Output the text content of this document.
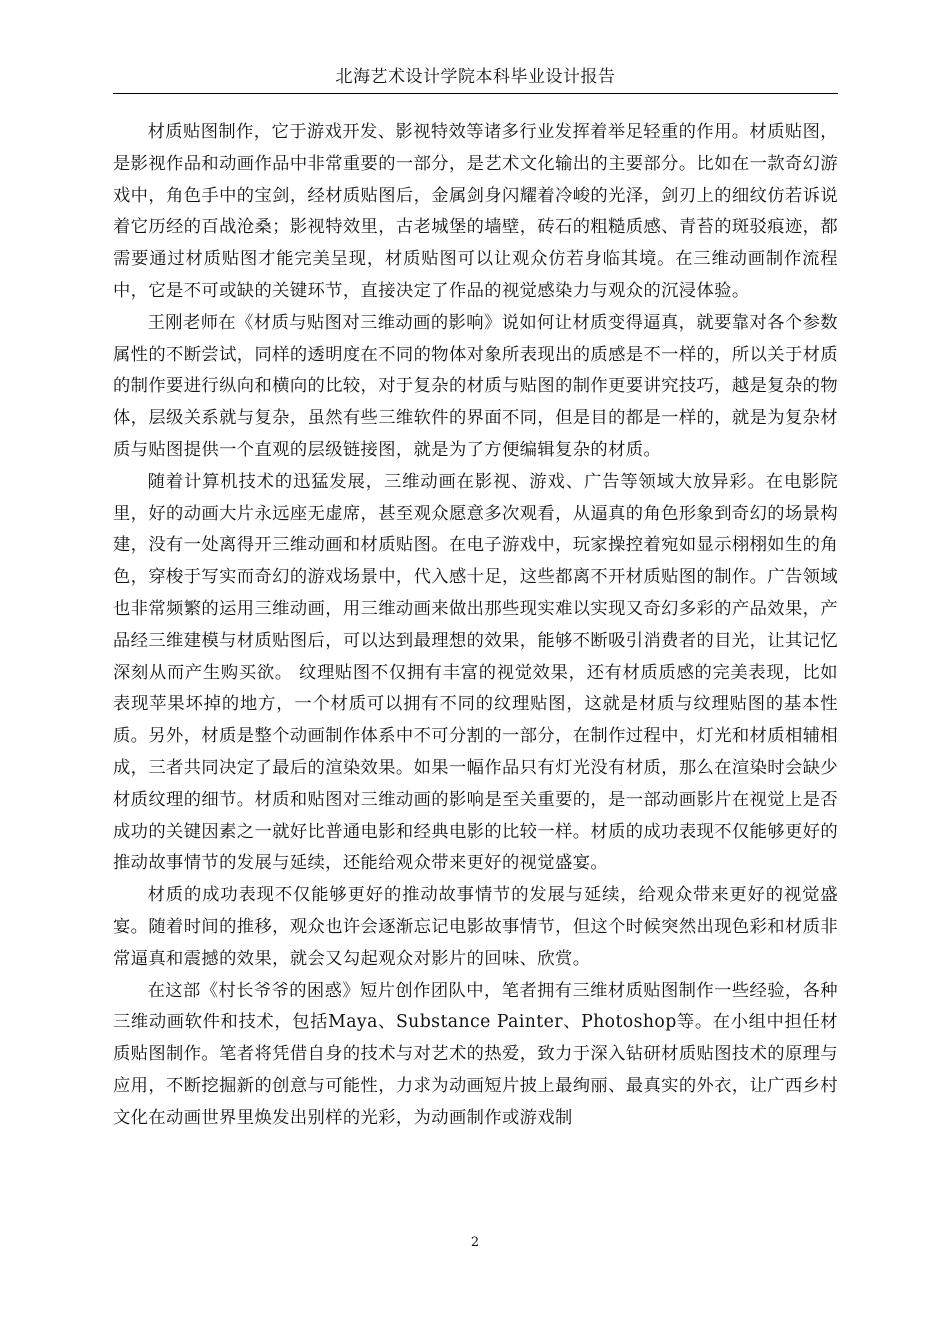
北海艺术设计学院本科毕业设计报告

材质贴图制作，它于游戏开发、影视特效等诸多行业发挥着举足轻重的作用。材质贴图，是影视作品和动画作品中非常重要的一部分，是艺术文化输出的主要部分。比如在一款奇幻游戏中，角色手中的宝剑，经材质贴图后，金属剑身闪耀着冷峻的光泽，剑刃上的细纹仿若诉说着它历经的百战沧桑；影视特效里，古老城堡的墙壁，砖石的粗糙质感、青苔的斑驳痕迹，都需要通过材质贴图才能完美呈现，材质贴图可以让观众仿若身临其境。在三维动画制作流程中，它是不可或缺的关键环节，直接决定了作品的视觉感染力与观众的沉浸体验。

王刚老师在《材质与贴图对三维动画的影响》说如何让材质变得逼真，就要靠对各个参数属性的不断尝试，同样的透明度在不同的物体对象所表现出的质感是不一样的，所以关于材质的制作要进行纵向和横向的比较，对于复杂的材质与贴图的制作更要讲究技巧，越是复杂的物体，层级关系就与复杂，虽然有些三维软件的界面不同，但是目的都是一样的，就是为复杂材质与贴图提供一个直观的层级链接图，就是为了方便编辑复杂的材质。

随着计算机技术的迅猛发展，三维动画在影视、游戏、广告等领域大放异彩。在电影院里，好的动画大片永远座无虚席，甚至观众愿意多次观看，从逼真的角色形象到奇幻的场景构建，没有一处离得开三维动画和材质贴图。在电子游戏中，玩家操控着宛如显示栩栩如生的角色，穿梭于写实而奇幻的游戏场景中，代入感十足，这些都离不开材质贴图的制作。广告领域也非常频繁的运用三维动画，用三维动画来做出那些现实难以实现又奇幻多彩的产品效果，产品经三维建模与材质贴图后，可以达到最理想的效果，能够不断吸引消费者的目光，让其记忆深刻从而产生购买欲。 纹理贴图不仅拥有丰富的视觉效果，还有材质质感的完美表现，比如表现苹果坏掉的地方，一个材质可以拥有不同的纹理贴图，这就是材质与纹理贴图的基本性质。另外，材质是整个动画制作体系中不可分割的一部分，在制作过程中，灯光和材质相辅相成，三者共同决定了最后的渲染效果。如果一幅作品只有灯光没有材质，那么在渲染时会缺少材质纹理的细节。材质和贴图对三维动画的影响是至关重要的，是一部动画影片在视觉上是否成功的关键因素之一就好比普通电影和经典电影的比较一样。材质的成功表现不仅能够更好的推动故事情节的发展与延续，还能给观众带来更好的视觉盛宴。

材质的成功表现不仅能够更好的推动故事情节的发展与延续，给观众带来更好的视觉盛宴。随着时间的推移，观众也许会逐渐忘记电影故事情节，但这个时候突然出现色彩和材质非常逼真和震撼的效果，就会又勾起观众对影片的回味、欣赏。

在这部《村长爷爷的困惑》短片创作团队中，笔者拥有三维材质贴图制作一些经验，各种三维动画软件和技术，包括Maya、Substance Painter、Photoshop等。在小组中担任材质贴图制作。笔者将凭借自身的技术与对艺术的热爱，致力于深入钻研材质贴图技术的原理与应用，不断挖掘新的创意与可能性，力求为动画短片披上最绚丽、最真实的外衣，让广西乡村文化在动画世界里焕发出别样的光彩，为动画制作或游戏制

2
